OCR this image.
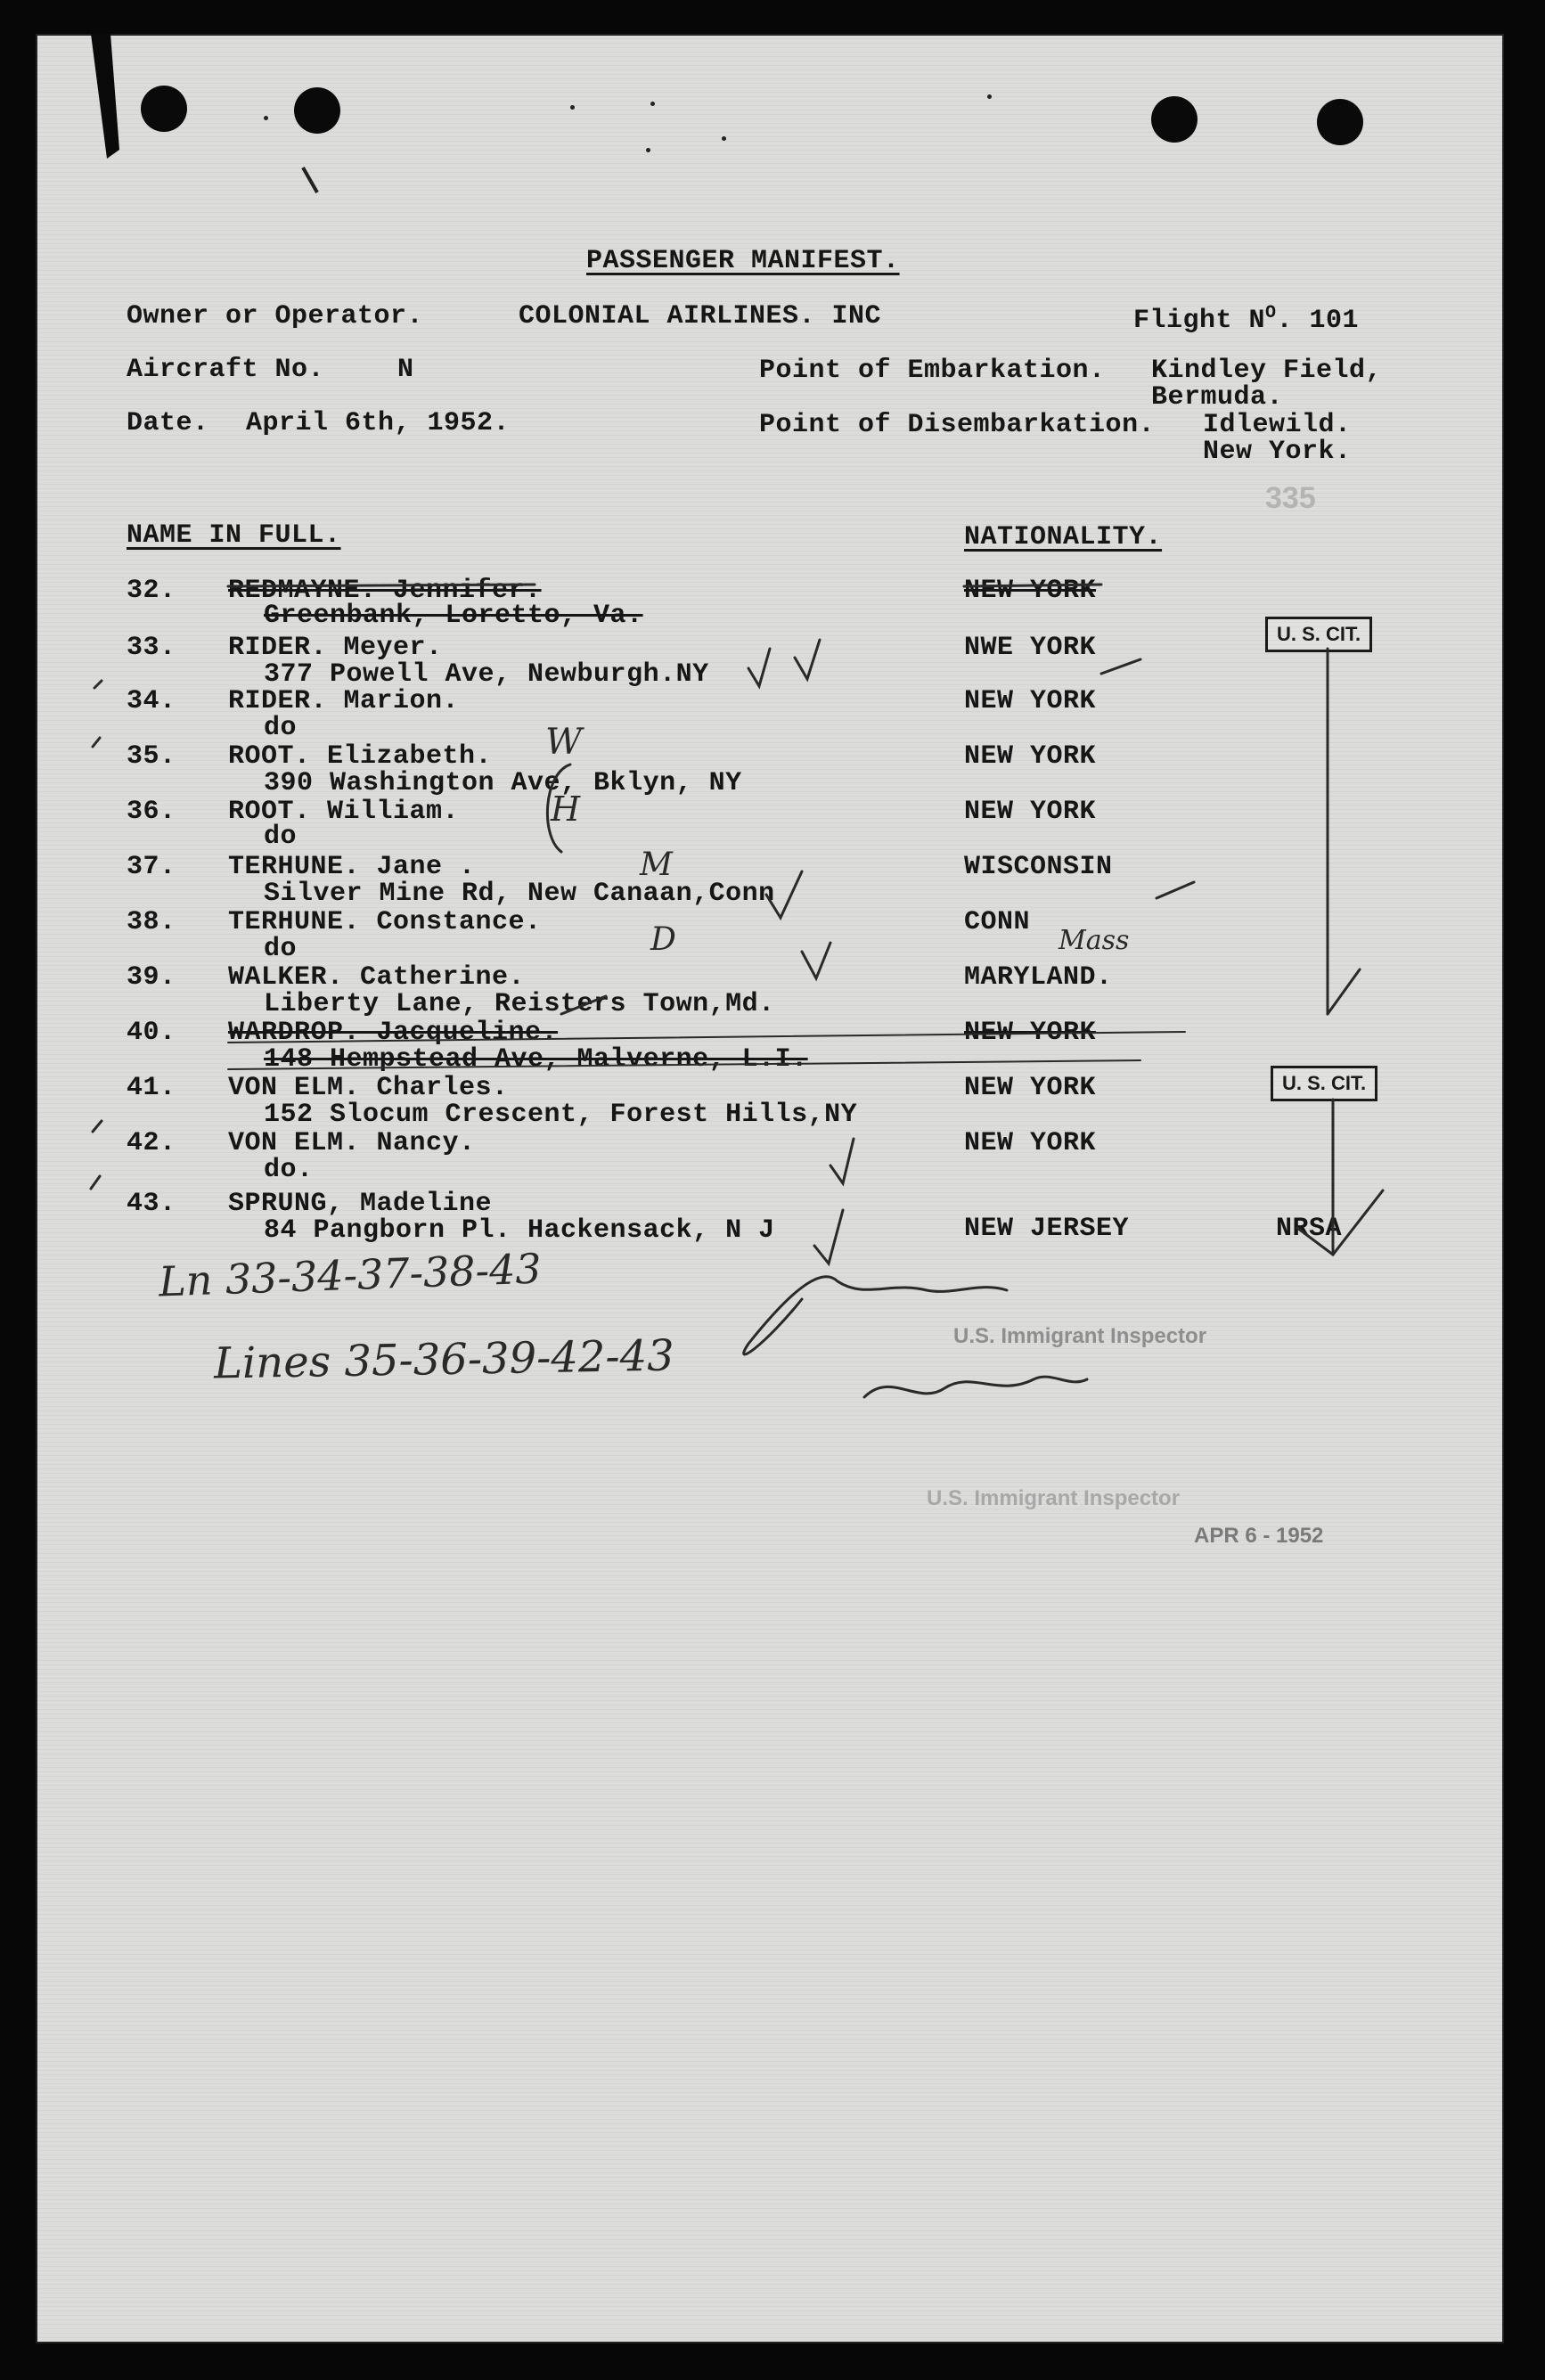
PASSENGER MANIFEST.
Owner or Operator.	COLONIAL AIRLINES. INC	Flight $N^O$. 101
Aircraft No.	N	Point of Embarkation. Kindley Field,
Bermuda.
Date. April 6th, 1952.	Point of Disembarkation. Idlewild.
New York.
335
NAME IN FULL.	NATIONALITY.
32. REDMAYNE. Jennifer.
Greenbank, Loretto, Va.
NEW YORK
33. RIDER. Meyer.
377 Powell Ave, Newburgh.NY
NWE YORK
34. RIDER. Marion.
do
NEW YORK
35. ROOT. Elizabeth.
390 Washington Ave, Bklyn, NY
NEW YORK
36. ROOT. William.
do
NEW YORK
37. TERHUNE. Jane .
Silver Mine Rd, New Canaan,Conn
WISCONSIN
38. TERHUNE. Constance.
do
CONN
39. WALKER. Catherine.
Liberty Lane, Reisters Town,Md.
MARYLAND.
40. WARDROP. Jacqueline.
148 Hempstead Ave, Malverne, L.I.
NEW YORK
41. VON ELM. Charles.
152 Slocum Crescent, Forest Hills,NY
NEW YORK
42. VON ELM. Nancy.
do.
NEW YORK
43. SPRUNG, Madeline
84 Pangborn Pl. Hackensack, N J	NEW JERSEY
U. S. CIT.
U. S. CIT.
NRSA
U.S. Immigrant Inspector
U.S. Immigrant Inspector
APR 6 - 1952
Ln 33-34-37-38-43
Lines 35-36-39-42-43
W
H
M
D	Mass
